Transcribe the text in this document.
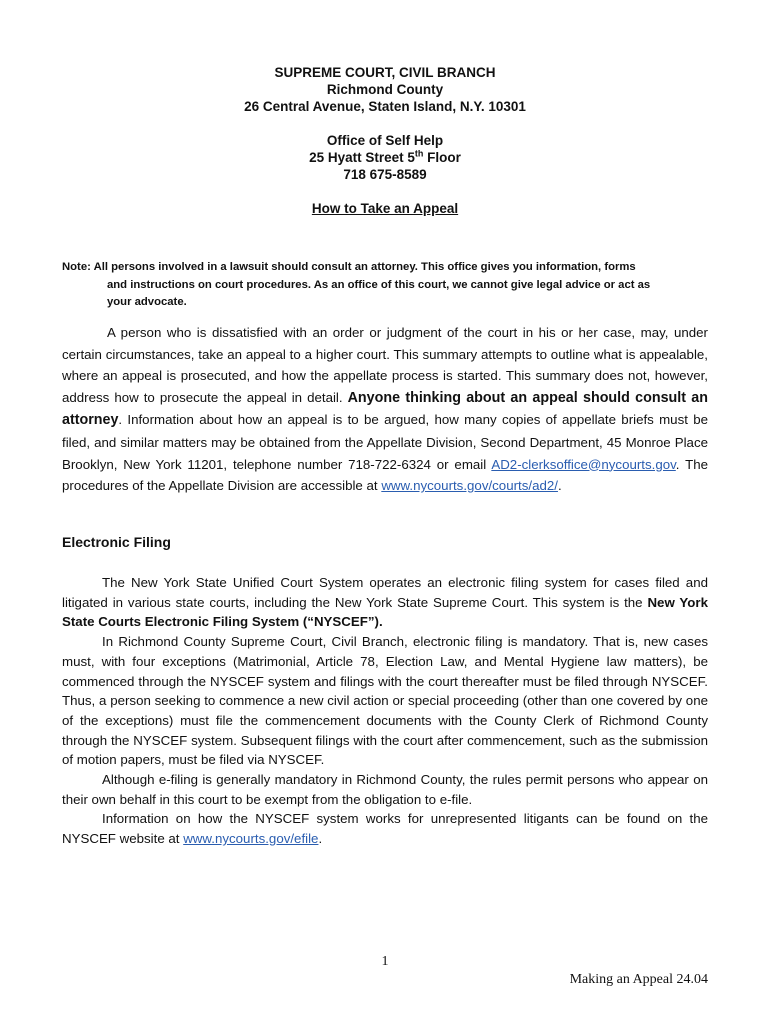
SUPREME COURT, CIVIL BRANCH
Richmond County
26 Central Avenue, Staten Island, N.Y. 10301
Office of Self Help
25 Hyatt Street 5th Floor
718 675-8589
How to Take an Appeal
Note: All persons involved in a lawsuit should consult an attorney. This office gives you information, forms
and instructions on court procedures. As an office of this court, we cannot give legal advice or act as
your advocate.
A person who is dissatisfied with an order or judgment of the court in his or her case, may, under certain circumstances, take an appeal to a higher court. This summary attempts to outline what is appealable, where an appeal is prosecuted, and how the appellate process is started. This summary does not, however, address how to prosecute the appeal in detail. Anyone thinking about an appeal should consult an attorney. Information about how an appeal is to be argued, how many copies of appellate briefs must be filed, and similar matters may be obtained from the Appellate Division, Second Department, 45 Monroe Place Brooklyn, New York 11201, telephone number 718-722-6324 or email AD2-clerksoffice@nycourts.gov. The procedures of the Appellate Division are accessible at www.nycourts.gov/courts/ad2/.
Electronic Filing

The New York State Unified Court System operates an electronic filing system for cases filed and litigated in various state courts, including the New York State Supreme Court. This system is the New York State Courts Electronic Filing System (“NYSCEF”).

In Richmond County Supreme Court, Civil Branch, electronic filing is mandatory. That is, new cases must, with four exceptions (Matrimonial, Article 78, Election Law, and Mental Hygiene law matters), be commenced through the NYSCEF system and filings with the court thereafter must be filed through NYSCEF. Thus, a person seeking to commence a new civil action or special proceeding (other than one covered by one of the exceptions) must file the commencement documents with the County Clerk of Richmond County through the NYSCEF system. Subsequent filings with the court after commencement, such as the submission of motion papers, must be filed via NYSCEF.

Although e-filing is generally mandatory in Richmond County, the rules permit persons who appear on their own behalf in this court to be exempt from the obligation to e-file.

Information on how the NYSCEF system works for unrepresented litigants can be found on the NYSCEF website at www.nycourts.gov/efile.

1
Making an Appeal 24.04
